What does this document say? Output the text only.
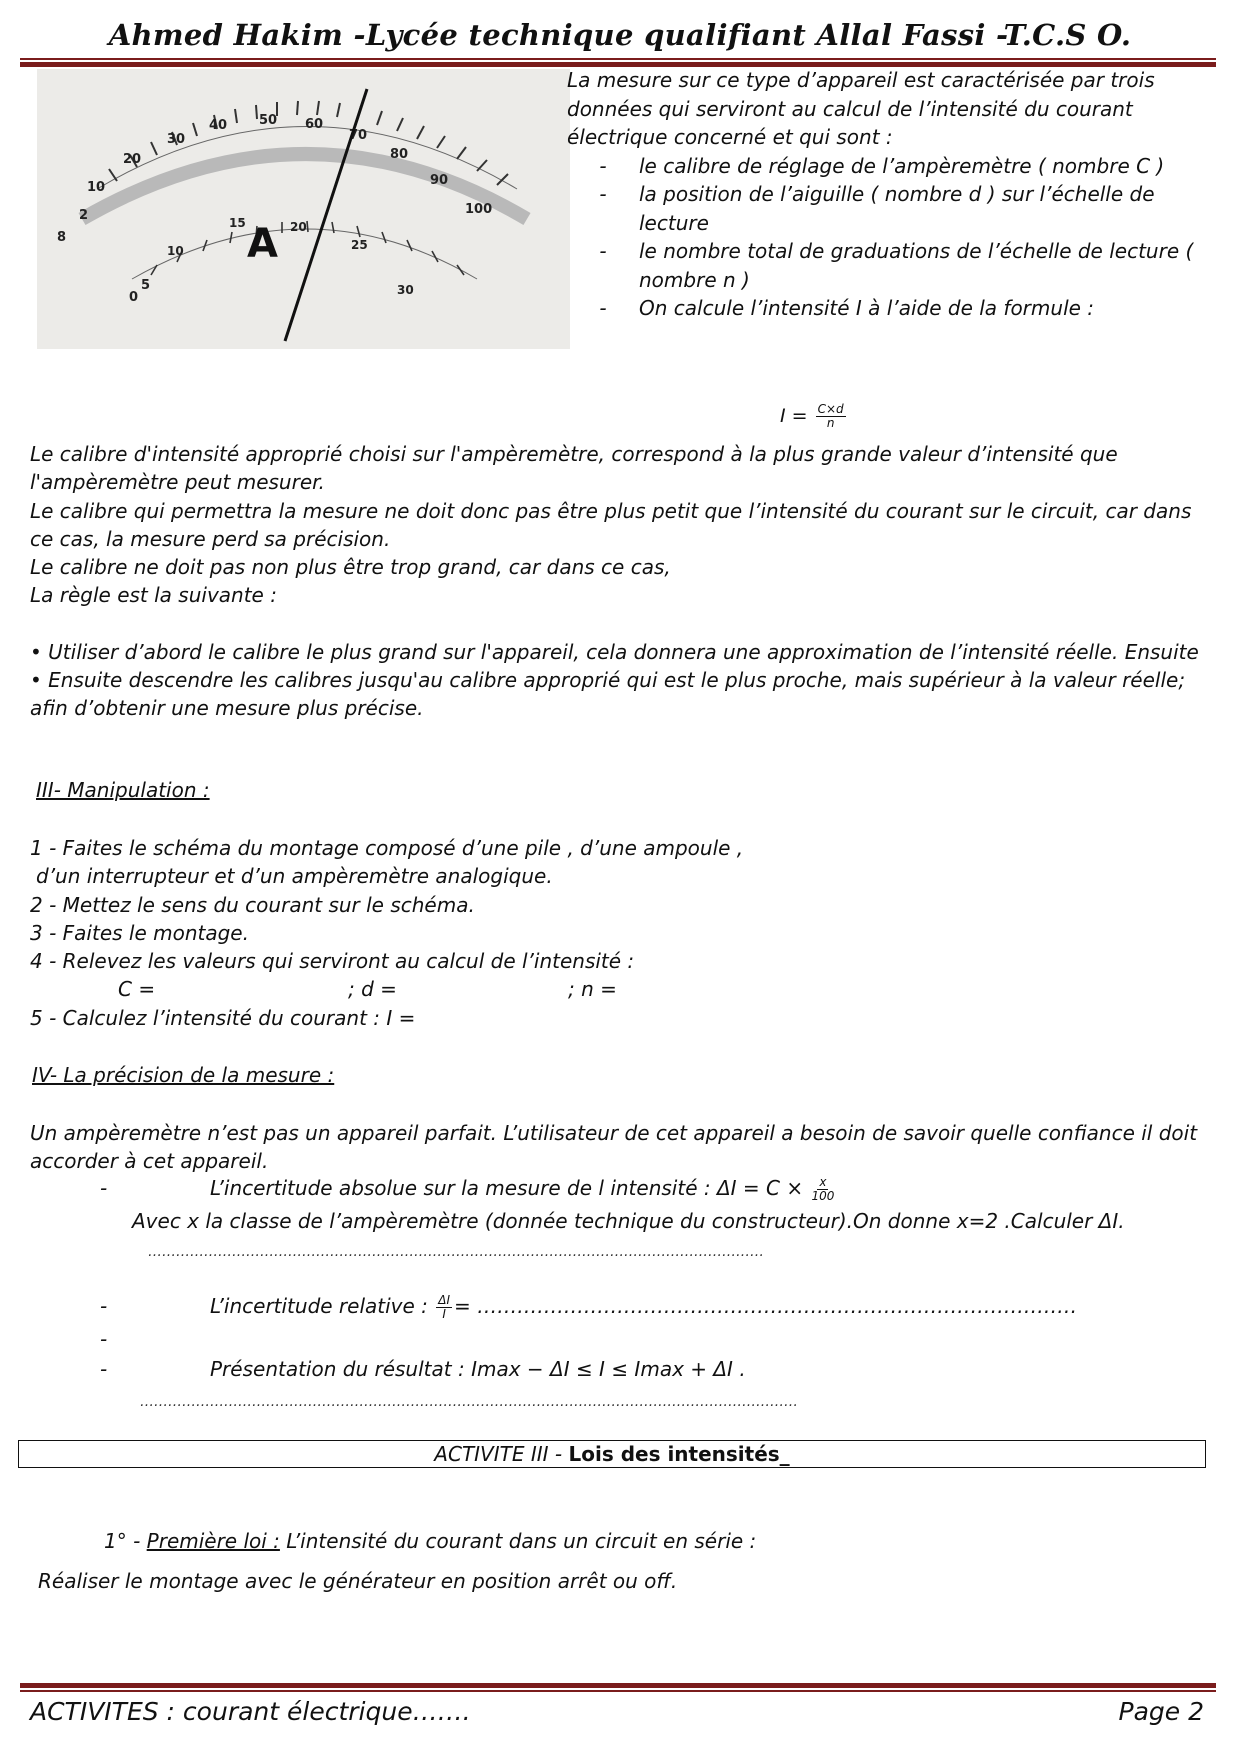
Ahmed Hakim -Lycée technique qualifiant Allal Fassi -T.C.S O.
0
2
5
8
10
20
30
40 50 60
70
80
90
100
10
15	20
25
30
A

La mesure sur ce type d’appareil est caractérisée par trois données qui serviront au calcul de l’intensité du courant électrique concerné et qui sont :

-	le calibre de réglage de l’ampèremètre ( nombre C )
-	la position de l’aiguille ( nombre d ) sur l’échelle de lecture
-	le nombre total de graduations de l’échelle de lecture ( nombre n )
-	On calcule l’intensité I à l’aide de la formule :
$I = \frac{C\times d}{n}$

Le calibre d'intensité approprié choisi sur l'ampèremètre, correspond à la plus grande valeur d’intensité que l'ampèremètre peut mesurer.

Le calibre qui permettra la mesure ne doit donc pas être plus petit que l’intensité du courant sur le circuit, car dans ce cas, la mesure perd sa précision.

Le calibre ne doit pas non plus être trop grand, car dans ce cas,

La règle est la suivante :

• Utiliser d’abord le calibre le plus grand sur l'appareil, cela donnera une approximation de l’intensité réelle. Ensuite

• Ensuite descendre les calibres jusqu'au calibre approprié qui est le plus proche, mais supérieur à la valeur réelle; afin d’obtenir une mesure plus précise.

III- Manipulation :

1 - Faites le schéma du montage composé d’une pile , d’une ampoule ,

d’un interrupteur et d’un ampèremètre analogique.

2 - Mettez le sens du courant sur le schéma.

3 - Faites le montage.

4 - Relevez les valeurs qui serviront au calcul de l’intensité :

C =	; d =	; n =

5 - Calculez l’intensité du courant : I =

IV- La précision de la mesure :
Un ampèremètre n’est pas un appareil parfait. L’utilisateur de cet appareil a besoin de savoir quelle confiance il doit accorder à cet appareil.

-	L’incertitude absolue sur la mesure de l intensité : $\Delta I = C \times \frac{x}{100}$

Avec x la classe de l’ampèremètre (donnée technique du constructeur).On donne x=2 .Calculer ΔI.
……………………………………………………………………………………………………………………

-	L’incertitude relative : $\frac{\Delta I}{I}$ = ………………………………………………………………………………

-

-	Présentation du résultat : Imax − ΔI ≤ I ≤ Imax + ΔI .

……………………………………………………………………………………………………………………………
ACTIVITE III - Lois des intensités_
1° - Première loi : L’intensité du courant dans un circuit en série :
Réaliser le montage avec le générateur en position arrêt ou off.
ACTIVITES : courant électrique…….	Page 2
